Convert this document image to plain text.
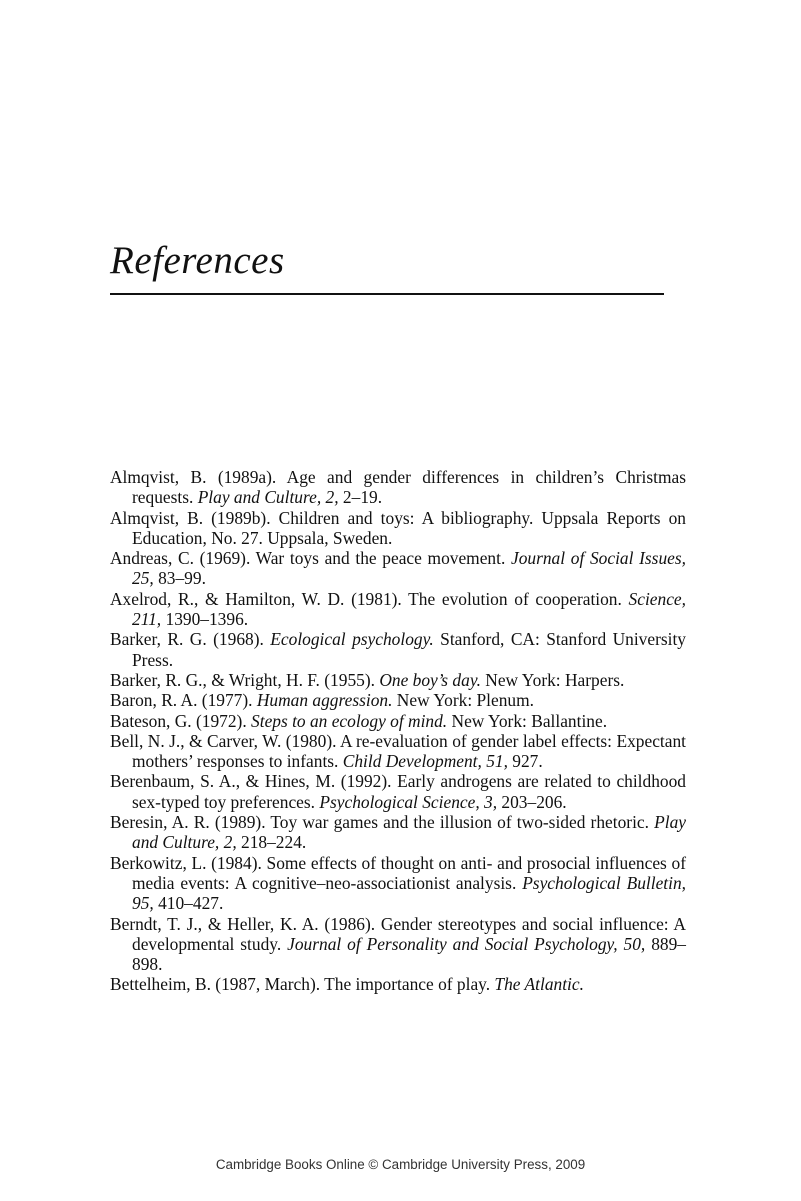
References
Almqvist, B. (1989a). Age and gender differences in children’s Christmas requests. Play and Culture, 2, 2–19.
Almqvist, B. (1989b). Children and toys: A bibliography. Uppsala Reports on Education, No. 27. Uppsala, Sweden.
Andreas, C. (1969). War toys and the peace movement. Journal of Social Issues, 25, 83–99.
Axelrod, R., & Hamilton, W. D. (1981). The evolution of cooperation. Science, 211, 1390–1396.
Barker, R. G. (1968). Ecological psychology. Stanford, CA: Stanford University Press.
Barker, R. G., & Wright, H. F. (1955). One boy’s day. New York: Harpers.
Baron, R. A. (1977). Human aggression. New York: Plenum.
Bateson, G. (1972). Steps to an ecology of mind. New York: Ballantine.
Bell, N. J., & Carver, W. (1980). A re-evaluation of gender label effects: Expectant mothers’ responses to infants. Child Development, 51, 927.
Berenbaum, S. A., & Hines, M. (1992). Early androgens are related to childhood sex-typed toy preferences. Psychological Science, 3, 203–206.
Beresin, A. R. (1989). Toy war games and the illusion of two-sided rhetoric. Play and Culture, 2, 218–224.
Berkowitz, L. (1984). Some effects of thought on anti- and prosocial influences of media events: A cognitive–neo-associationist analysis. Psychological Bulletin, 95, 410–427.
Berndt, T. J., & Heller, K. A. (1986). Gender stereotypes and social influence: A developmental study. Journal of Personality and Social Psychology, 50, 889–898.
Bettelheim, B. (1987, March). The importance of play. The Atlantic.
Cambridge Books Online © Cambridge University Press, 2009
